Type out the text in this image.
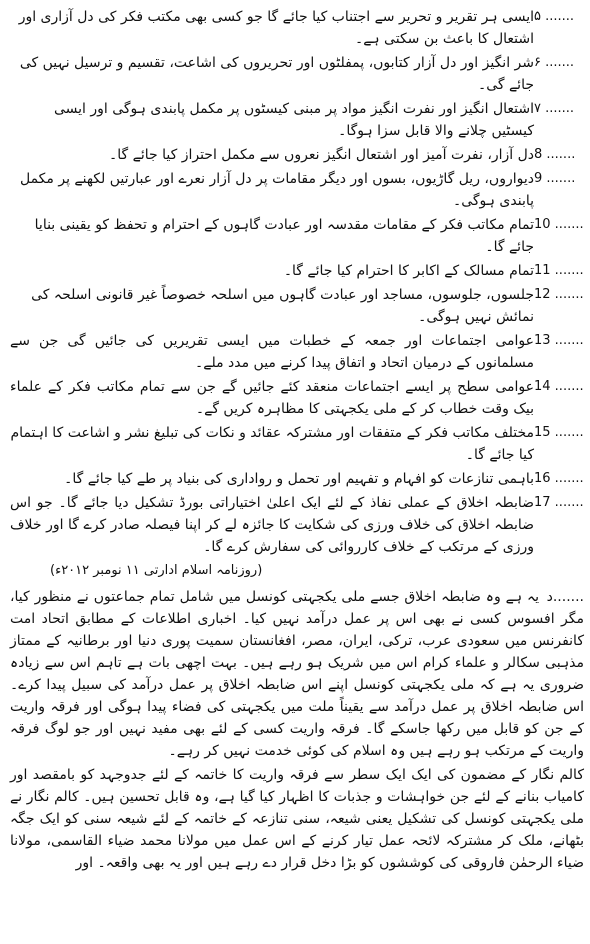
۵ .......
ایسی ہر تقریر و تحریر سے اجتناب کیا جائے گا جو کسی بھی مکتب فکر کی دل آزاری اور اشتعال کا باعث بن سکتی ہے۔
۶ .......
شر انگیز اور دل آزار کتابوں، پمفلٹوں اور تحریروں کی اشاعت، تقسیم و ترسیل نہیں کی جائے گی۔
۷ .......
اشتعال انگیز اور نفرت انگیز مواد پر مبنی کیسٹوں پر مکمل پابندی ہوگی اور ایسی کیسٹیں چلانے والا قابل سزا ہوگا۔
8 .......
دل آزار، نفرت آمیز اور اشتعال انگیز نعروں سے مکمل احتراز کیا جائے گا۔
9 .......
دیواروں، ریل گاڑیوں، بسوں اور دیگر مقامات پر دل آزار نعرے اور عبارتیں لکھنے پر مکمل پابندی ہوگی۔
10 .......
تمام مکاتب فکر کے مقامات مقدسہ اور عبادت گاہوں کے احترام و تحفظ کو یقینی بنایا جائے گا۔
11 .......
تمام مسالک کے اکابر کا احترام کیا جائے گا۔
12 .......
جلسوں، جلوسوں، مساجد اور عبادت گاہوں میں اسلحہ خصوصاً غیر قانونی اسلحہ کی نمائش نہیں ہوگی۔
13 .......
عوامی اجتماعات اور جمعہ کے خطبات میں ایسی تقریریں کی جائیں گی جن سے مسلمانوں کے درمیان اتحاد و اتفاق پیدا کرنے میں مدد ملے۔
14 .......
عوامی سطح پر ایسے اجتماعات منعقد کئے جائیں گے جن سے تمام مکاتب فکر کے علماء بیک وقت خطاب کر کے ملی یکجہتی کا مظاہرہ کریں گے۔
15 .......
مختلف مکاتب فکر کے متفقات اور مشترکہ عقائد و نکات کی تبلیغ نشر و اشاعت کا اہتمام کیا جائے گا۔
16 .......
باہمی تنازعات کو افہام و تفہیم اور تحمل و رواداری کی بنیاد پر طے کیا جائے گا۔
17 .......
ضابطہ اخلاق کے عملی نفاذ کے لئے ایک اعلیٰ اختیاراتی بورڈ تشکیل دیا جائے گا۔ جو اس ضابطہ اخلاق کی خلاف ورزی کی شکایت کا جائزہ لے کر اپنا فیصلہ صادر کرے گا اور خلاف ورزی کے مرتکب کے خلاف کارروائی کی سفارش کرے گا۔
(روزنامہ اسلام ادارتی ۱۱ نومبر ۲۰۱۲ء)
د....... یہ ہے وہ ضابطہ اخلاق جسے ملی یکجہتی کونسل میں شامل تمام جماعتوں نے منظور کیا، مگر افسوس کسی نے بھی اس پر عمل درآمد نہیں کیا۔ اخباری اطلاعات کے مطابق اتحاد امت کانفرنس میں سعودی عرب، ترکی، ایران، مصر، افغانستان سمیت پوری دنیا اور برطانیہ کے ممتاز مذہبی سکالر و علماء کرام اس میں شریک ہو رہے ہیں۔ بہت اچھی بات ہے تاہم اس سے زیادہ ضروری یہ ہے کہ ملی یکجہتی کونسل اپنے اس ضابطہ اخلاق پر عمل درآمد کی سبیل پیدا کرے۔ اس ضابطہ اخلاق پر عمل درآمد سے یقیناً ملت میں یکجہتی کی فضاء پیدا ہوگی اور فرقہ واریت کے جن کو قابل میں رکھا جاسکے گا۔ فرقہ واریت کسی کے لئے بھی مفید نہیں اور جو لوگ فرقہ واریت کے مرتکب ہو رہے ہیں وہ اسلام کی کوئی خدمت نہیں کر رہے۔
کالم نگار کے مضمون کی ایک ایک سطر سے فرقہ واریت کا خاتمہ کے لئے جدوجہد کو بامقصد اور کامیاب بنانے کے لئے جن خواہشات و جذبات کا اظہار کیا گیا ہے، وہ قابل تحسین ہیں۔ کالم نگار نے ملی یکجہتی کونسل کی تشکیل یعنی شیعہ، سنی تنازعہ کے خاتمہ کے لئے شیعہ سنی کو ایک جگہ بٹھانے، ملک کر مشترکہ لائحہ عمل تیار کرنے کے اس عمل میں مولانا محمد ضیاء القاسمی، مولانا ضیاء الرحمٰن فاروقی کی کوششوں کو بڑا دخل قرار دے رہے ہیں اور یہ بھی واقعہ۔ اور
